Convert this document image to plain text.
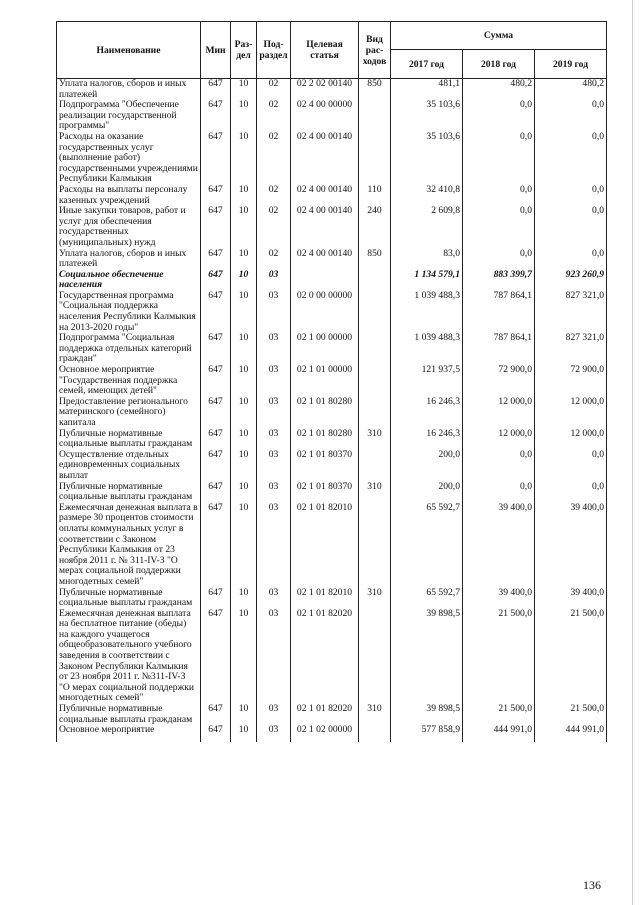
Наименование	Мин	Раз-дел	Под-раздел	Целевая статья	Вид рас-ходов	Сумма		
						2017 год	2018 год	2019 год
Уплата налогов, сборов и иных платежей	647	10	02	02 2 02 00140	850	481,1	480,2	480,2
Подпрограмма "Обеспечение реализации государственной программы"	647	10	02	02 4 00 00000		35 103,6	0,0	0,0
Расходы на оказание государственных услуг (выполнение работ) государственными учреждениями Республики Калмыкия	647	10	02	02 4 00 00140		35 103,6	0,0	0,0
Расходы на выплаты персоналу казенных учреждений	647	10	02	02 4 00 00140	110	32 410,8	0,0	0,0
Иные закупки товаров, работ и услуг для обеспечения государственных (муниципальных) нужд	647	10	02	02 4 00 00140	240	2 609,8	0,0	0,0
Уплата налогов, сборов и иных платежей	647	10	02	02 4 00 00140	850	83,0	0,0	0,0
Социальное обеспечение населения	647	10	03			1 134 579,1	883 399,7	923 260,9
Государственная программа "Социальная поддержка населения Республики Калмыкия на 2013-2020 годы"	647	10	03	02 0 00 00000		1 039 488,3	787 864,1	827 321,0
Подпрограмма "Социальная поддержка отдельных категорий граждан"	647	10	03	02 1 00 00000		1 039 488,3	787 864,1	827 321,0
Основное мероприятие "Государственная поддержка семей, имеющих детей"	647	10	03	02 1 01 00000		121 937,5	72 900,0	72 900,0
Предоставление регионального материнского (семейного) капитала	647	10	03	02 1 01 80280		16 246,3	12 000,0	12 000,0
Публичные нормативные социальные выплаты гражданам	647	10	03	02 1 01 80280	310	16 246,3	12 000,0	12 000,0
Осуществление отдельных единовременных социальных выплат	647	10	03	02 1 01 80370		200,0	0,0	0,0
Публичные нормативные социальные выплаты гражданам	647	10	03	02 1 01 80370	310	200,0	0,0	0,0
Ежемесячная денежная выплата в размере 30 процентов стоимости оплаты коммунальных услуг в соответствии с Законом Республики Калмыкия от 23 ноября 2011 г. № 311-IV-З "О мерах социальной поддержки многодетных семей"	647	10	03	02 1 01 82010		65 592,7	39 400,0	39 400,0
Публичные нормативные социальные выплаты гражданам	647	10	03	02 1 01 82010	310	65 592,7	39 400,0	39 400,0
Ежемесячная денежная выплата на бесплатное питание (обеды) на каждого учащегося общеобразовательного учебного заведения в соответствии с Законом Республики Калмыкия от 23 ноября 2011 г. №311-IV-З "О мерах социальной поддержки многодетных семей"	647	10	03	02 1 01 82020		39 898,5	21 500,0	21 500,0
Публичные нормативные социальные выплаты гражданам	647	10	03	02 1 01 82020	310	39 898,5	21 500,0	21 500,0
Основное мероприятие	647	10	03	02 1 02 00000		577 858,9	444 991,0	444 991,0
136
